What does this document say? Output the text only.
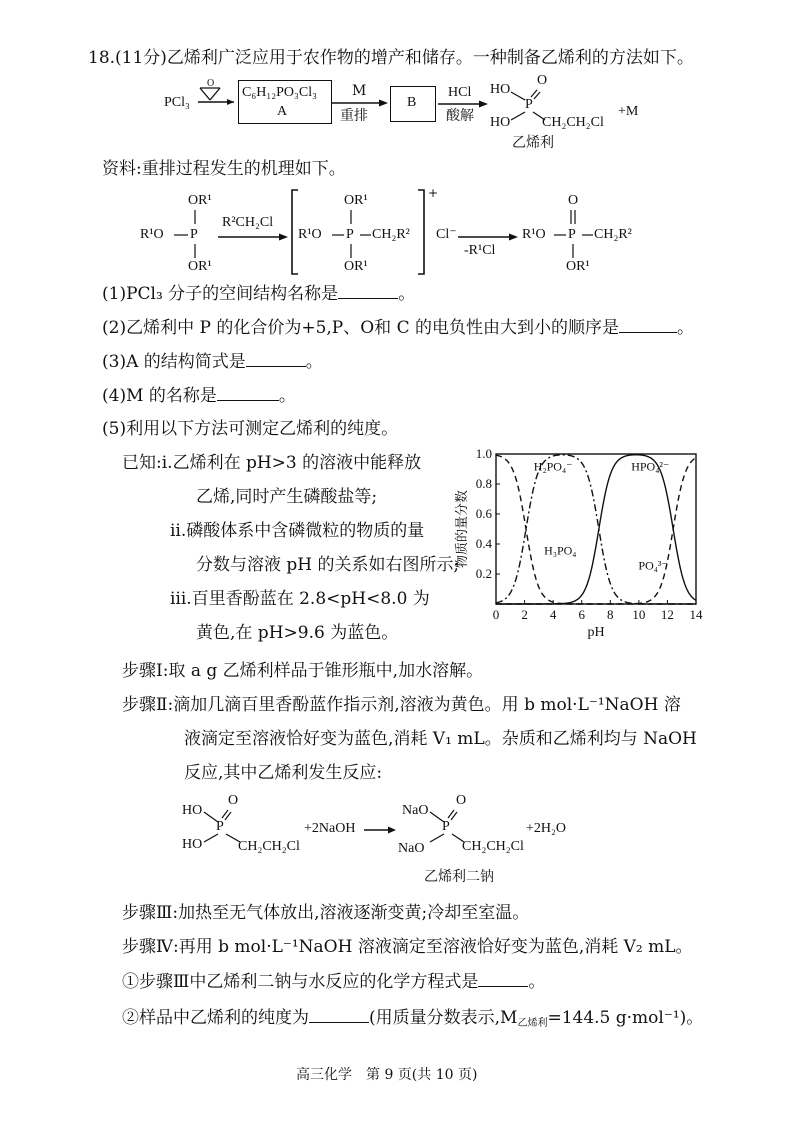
18.(11分)乙烯利广泛应用于农作物的增产和储存。一种制备乙烯利的方法如下。
PCl₃
O
C₆H₁₂PO₃Cl₃
A
M
重排
B
HCl
酸解
HO
O
P
HO CH₂CH₂Cl
+M
乙烯利
资料:重排过程发生的机理如下。
OR¹
R¹O P
OR¹
R²CH₂Cl
+
OR¹
R¹O P CH₂R²
OR¹
Cl⁻
-R¹Cl
O
R¹O P CH₂R²
OR¹
(1)PCl₃ 分子的空间结构名称是	。
(2)乙烯利中 P 的化合价为+5,P、O和 C 的电负性由大到小的顺序是	。
(3)A 的结构简式是	。
(4)M 的名称是	。
(5)利用以下方法可测定乙烯利的纯度。
已知:ⅰ.乙烯利在 pH>3 的溶液中能释放
乙烯,同时产生磷酸盐等;
ⅱ.磷酸体系中含磷微粒的物质的量
分数与溶液 pH 的关系如右图所示;
ⅲ.百里香酚蓝在 2.8<pH<8.0 为
黄色,在 pH>9.6 为蓝色。
0 2 4 6 8 10 12 14
0.2
0.4
0.6
0.8
1.0
pH
物质的量分数	H₃PO₄
H₂PO₄⁻	HPO₄²⁻
PO₄³⁻
步骤Ⅰ:取 a g 乙烯利样品于锥形瓶中,加水溶解。
步骤Ⅱ:滴加几滴百里香酚蓝作指示剂,溶液为黄色。用 b mol·L⁻¹NaOH 溶
液滴定至溶液恰好变为蓝色,消耗 V₁ mL。杂质和乙烯利均与 NaOH
反应,其中乙烯利发生反应:
HO
O
P
HO	CH₂CH₂Cl
+2NaOH
NaO
O
P
NaO	CH₂CH₂Cl
+2H₂O
乙烯利二钠
步骤Ⅲ:加热至无气体放出,溶液逐渐变黄;冷却至室温。
步骤Ⅳ:再用 b mol·L⁻¹NaOH 溶液滴定至溶液恰好变为蓝色,消耗 V₂ mL。
①步骤Ⅲ中乙烯利二钠与水反应的化学方程式是	。
②样品中乙烯利的纯度为	(用质量分数表示,M乙烯利=144.5 g·mol⁻¹)。
高三化学　第 9 页(共 10 页)
